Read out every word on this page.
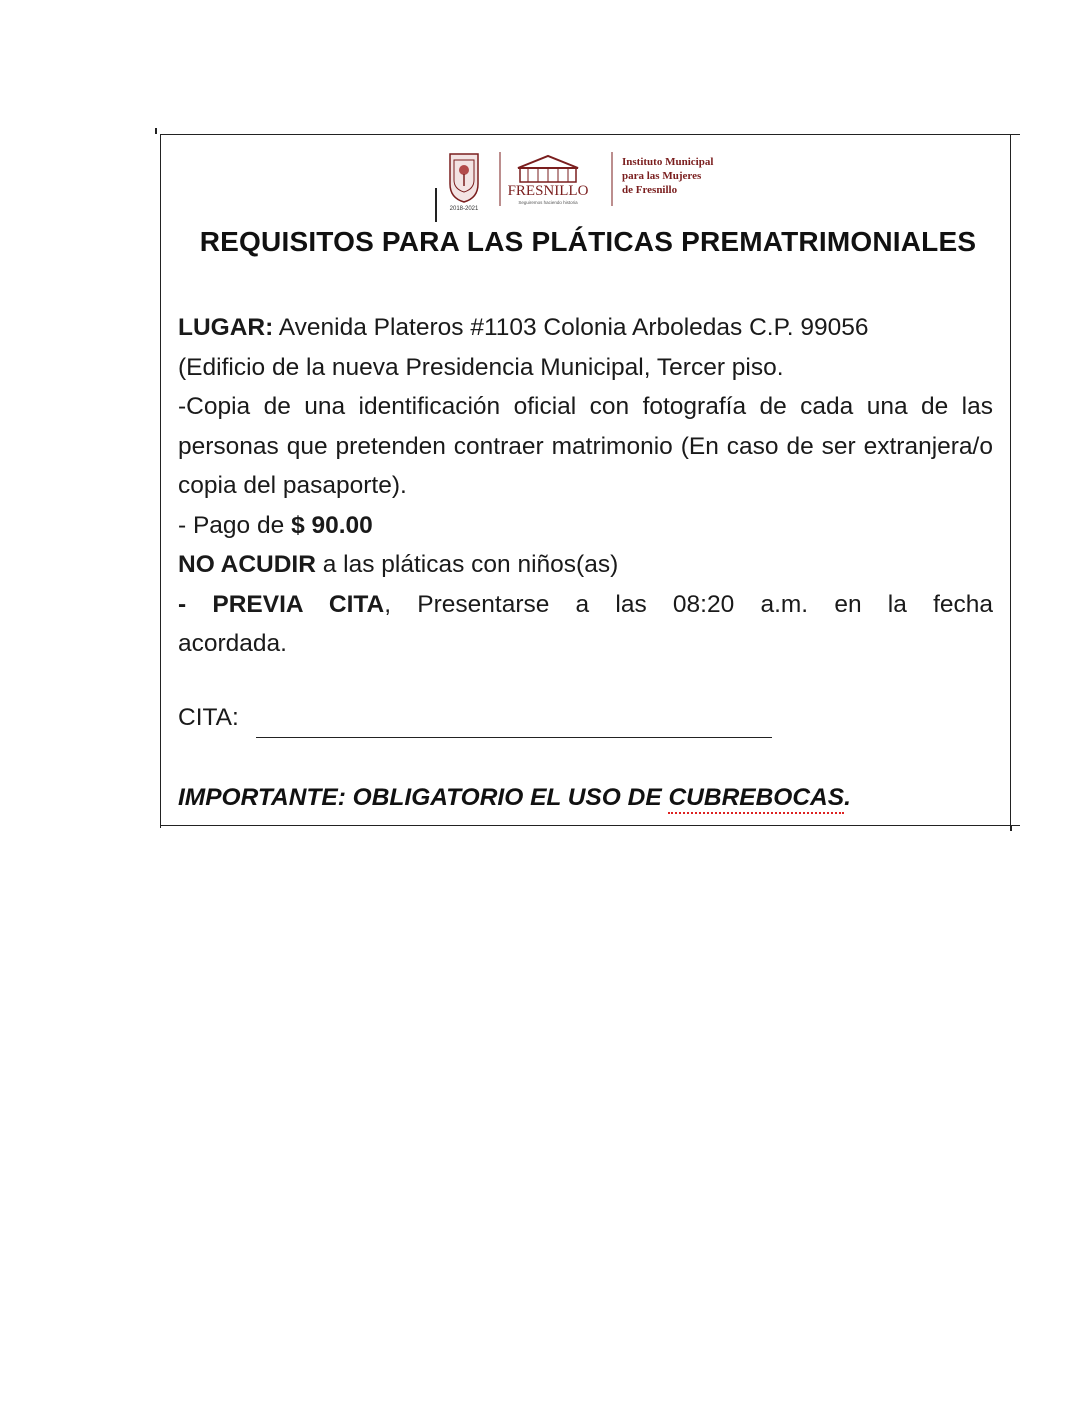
2018-2021
FRESNILLO
Seguiremos haciendo historia
Instituto Municipal
para las Mujeres
de Fresnillo
REQUISITOS PARA LAS PLÁTICAS PREMATRIMONIALES

LUGAR: Avenida Plateros #1103 Colonia Arboledas C.P. 99056

(Edificio de la nueva Presidencia Municipal, Tercer piso.

-Copia de una identificación oficial con fotografía de cada una de las personas que pretenden contraer matrimonio (En caso de ser extranjera/o copia del pasaporte).

- Pago de $ 90.00

NO ACUDIR a las pláticas con niños(as)

- PREVIA CITA, Presentarse a las 08:20 a.m. en la fecha

acordada.

CITA:
IMPORTANTE: OBLIGATORIO EL USO DE CUBREBOCAS.
